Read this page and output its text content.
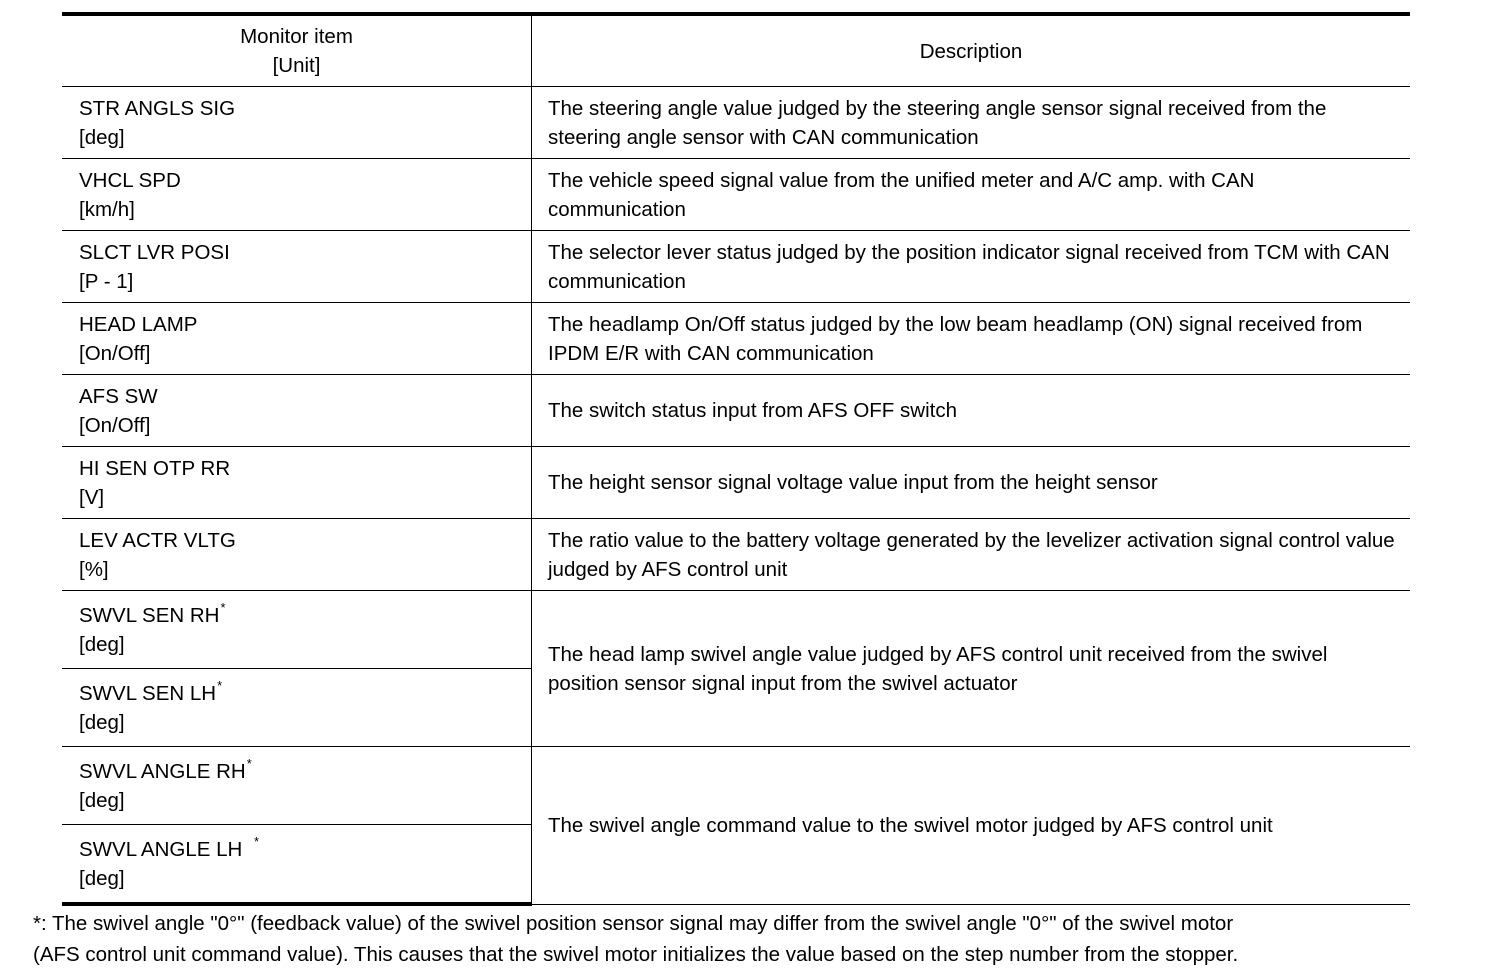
Monitor item
[Unit]	Description

STR ANGLS SIG
[deg]	The steering angle value judged by the steering angle sensor signal received from the steering angle sensor with CAN communication

VHCL SPD
[km/h]	The vehicle speed signal value from the unified meter and A/C amp. with CAN communication

SLCT LVR POSI
[P - 1]	The selector lever status judged by the position indicator signal received from TCM with CAN communication

HEAD LAMP
[On/Off]	The headlamp On/Off status judged by the low beam headlamp (ON) signal received from IPDM E/R with CAN communication

AFS SW
[On/Off]	The switch status input from AFS OFF switch

HI SEN OTP RR
[V]	The height sensor signal voltage value input from the height sensor

LEV ACTR VLTG
[%]	The ratio value to the battery voltage generated by the levelizer activation signal control value judged by AFS control unit

SWVL SEN RH*
[deg]	The head lamp swivel angle value judged by AFS control unit received from the swivel position sensor signal input from the swivel actuator

SWVL SEN LH*
[deg]	

SWVL ANGLE RH*
[deg]	The swivel angle command value to the swivel motor judged by AFS control unit

SWVL ANGLE LH *
[deg]	
*: The swivel angle "0°" (feedback value) of the swivel position sensor signal may differ from the swivel angle "0°" of the swivel motor
(AFS control unit command value). This causes that the swivel motor initializes the value based on the step number from the stopper.
